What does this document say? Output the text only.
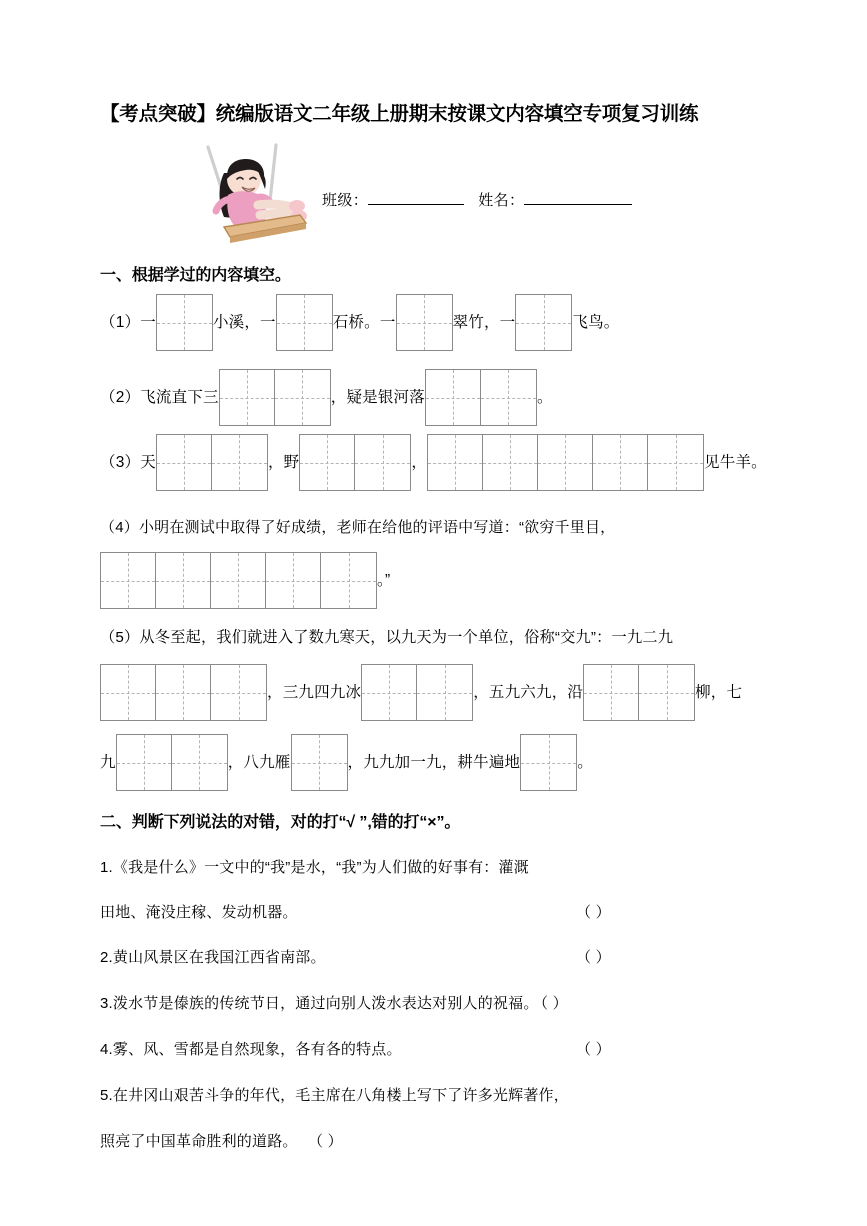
【考点突破】统编版语文二年级上册期末按课文内容填空专项复习训练
班级：	姓名：
一、根据学过的内容填空。
（1） 一	小溪，一	石桥。一	翠竹，一	飞鸟。
（2） 飞流直下三	，疑是银河落	。
（3） 天	，野	，	见牛羊。
（4）小明在测试中取得了好成绩，老师在给他的评语中写道：“欲穷千里目，
。”
（5）从冬至起，我们就进入了数九寒天，以九天为一个单位，俗称“交九”：一九二九
，三九四九冰	，五九六九，沿	柳，七
九	，八九雁	，九九加一九，耕牛遍地	。
二、判断下列说法的对错，对的打“√ ”,错的打“×”。
1.《我是什么》一文中的“我”是水，“我”为人们做的好事有：灌溉
田地、淹没庄稼、发动机器。	（ ）
2.黄山风景区在我国江西省南部。	（ ）
3.泼水节是傣族的传统节日，通过向别人泼水表达对别人的祝福。 （ ）
4.雾、风、雪都是自然现象，各有各的特点。	（ ）
5.在井冈山艰苦斗争的年代，毛主席在八角楼上写下了许多光辉著作，
照亮了中国革命胜利的道路。 （ ）
